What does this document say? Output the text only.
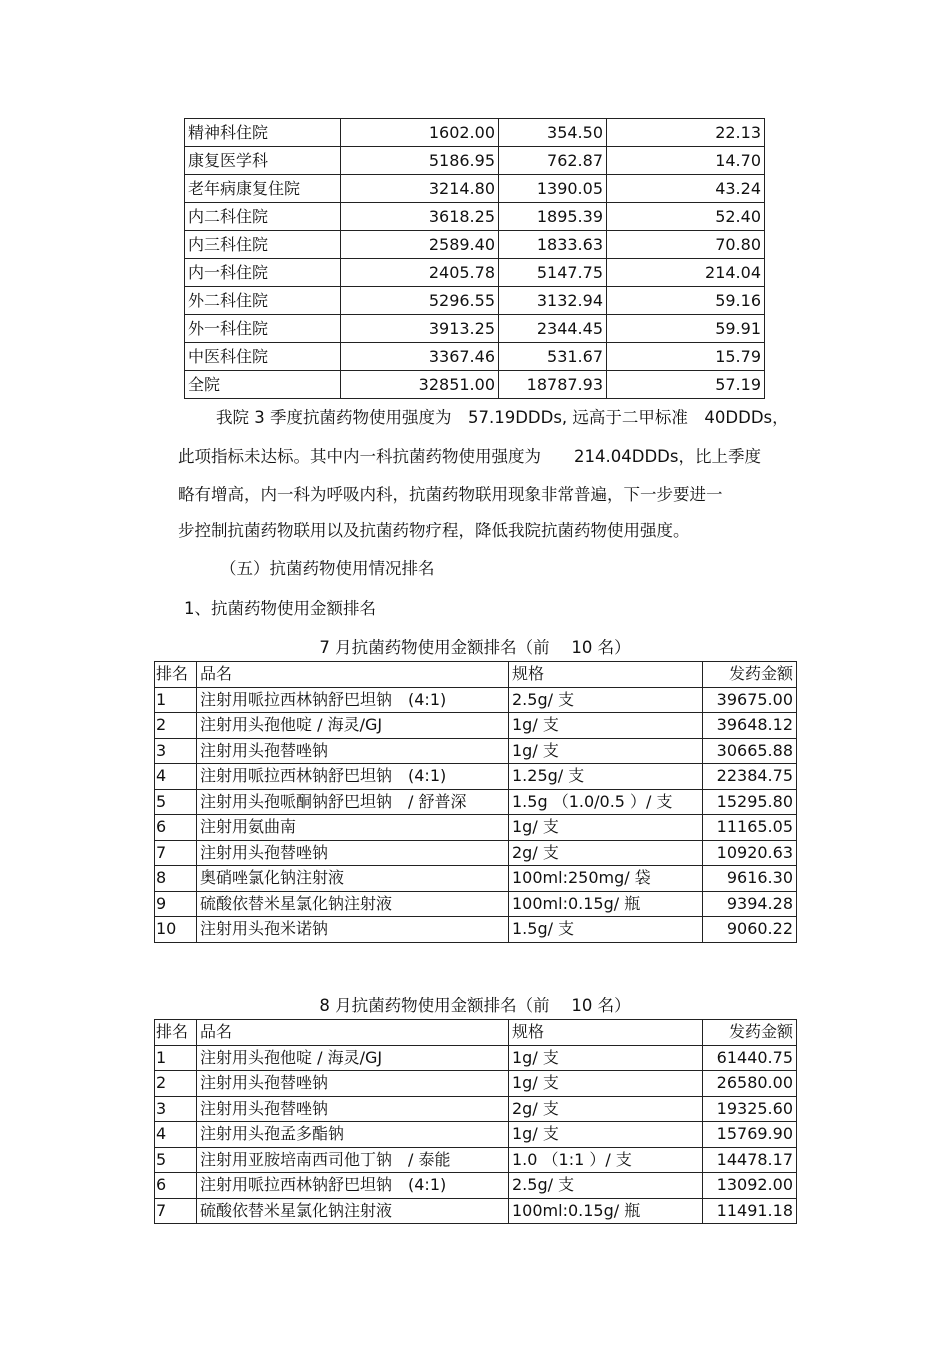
精神科住院	1602.00	354.50	22.13
康复医学科	5186.95	762.87	14.70
老年病康复住院	3214.80	1390.05	43.24
内二科住院	3618.25	1895.39	52.40
内三科住院	2589.40	1833.63	70.80
内一科住院	2405.78	5147.75	214.04
外二科住院	5296.55	3132.94	59.16
外一科住院	3913.25	2344.45	59.91
中医科住院	3367.46	531.67	15.79
全院	32851.00	18787.93	57.19
我院 3 季度抗菌药物使用强度为　57.19DDDs, 远高于二甲标准　40DDDs，
此项指标未达标。其中内一科抗菌药物使用强度为　　214.04DDDs，比上季度
略有增高，内一科为呼吸内科，抗菌药物联用现象非常普遍，下一步要进一
步控制抗菌药物联用以及抗菌药物疗程，降低我院抗菌药物使用强度。
（五）抗菌药物使用情况排名
1、抗菌药物使用金额排名
7 月抗菌药物使用金额排名（前　 10 名）
排名	品名	规格	发药金额
1	注射用哌拉西林钠舒巴坦钠　(4:1)	2.5g/ 支	39675.00
2	注射用头孢他啶 / 海灵/GJ	1g/ 支	39648.12
3	注射用头孢替唑钠	1g/ 支	30665.88
4	注射用哌拉西林钠舒巴坦钠　(4:1)	1.25g/ 支	22384.75
5	注射用头孢哌酮钠舒巴坦钠　/ 舒普深	1.5g （1.0/0.5 ）/ 支	15295.80
6	注射用氨曲南	1g/ 支	11165.05
7	注射用头孢替唑钠	2g/ 支	10920.63
8	奥硝唑氯化钠注射液	100ml:250mg/ 袋	9616.30
9	硫酸依替米星氯化钠注射液	100ml:0.15g/ 瓶	9394.28
10	注射用头孢米诺钠	1.5g/ 支	9060.22
8 月抗菌药物使用金额排名（前　 10 名）
排名	品名	规格	发药金额
1	注射用头孢他啶 / 海灵/GJ	1g/ 支	61440.75
2	注射用头孢替唑钠	1g/ 支	26580.00
3	注射用头孢替唑钠	2g/ 支	19325.60
4	注射用头孢孟多酯钠	1g/ 支	15769.90
5	注射用亚胺培南西司他丁钠　/ 泰能	1.0 （1:1 ）/ 支	14478.17
6	注射用哌拉西林钠舒巴坦钠　(4:1)	2.5g/ 支	13092.00
7	硫酸依替米星氯化钠注射液	100ml:0.15g/ 瓶	11491.18
